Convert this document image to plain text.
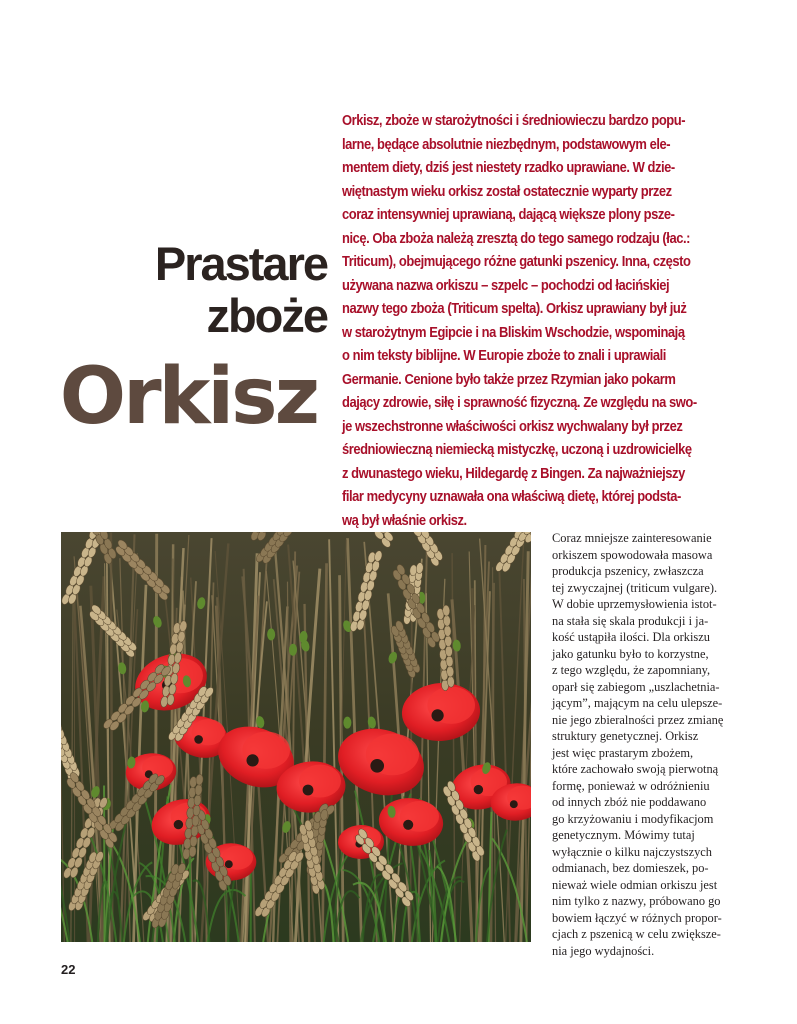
Prastare
zboże
Orkisz
Orkisz, zboże w starożytności i średniowieczu bardzo popu-
larne, będące absolutnie niezbędnym, podstawowym ele-
mentem diety, dziś jest niestety rzadko uprawiane. W dzie-
więtnastym wieku orkisz został ostatecznie wyparty przez
coraz intensywniej uprawianą, dającą większe plony psze-
nicę. Oba zboża należą zresztą do tego samego rodzaju (łac.:
Triticum), obejmującego różne gatunki pszenicy. Inna, często
używana nazwa orkiszu – szpelc – pochodzi od łacińskiej
nazwy tego zboża (Triticum spelta). Orkisz uprawiany był już
w starożytnym Egipcie i na Bliskim Wschodzie, wspominają
o nim teksty biblijne. W Europie zboże to znali i uprawiali
Germanie. Cenione było także przez Rzymian jako pokarm
dający zdrowie, siłę i sprawność fizyczną. Ze względu na swo-
je wszechstronne właściwości orkisz wychwalany był przez
średniowieczną niemiecką mistyczkę, uczoną i uzdrowicielkę
z dwunastego wieku, Hildegardę z Bingen. Za najważniejszy
filar medycyny uznawała ona właściwą dietę, której podsta-
wą był właśnie orkisz.
Coraz mniejsze zainteresowanie
orkiszem spowodowała masowa
produkcja pszenicy, zwłaszcza
tej zwyczajnej (triticum vulgare).
W dobie uprzemysłowienia istot-
na stała się skala produkcji i ja-
kość ustąpiła ilości. Dla orkiszu
jako gatunku było to korzystne,
z tego względu, że zapomniany,
oparł się zabiegom „uszlachetnia-
jącym”, mającym na celu ulepsze-
nie jego zbieralności przez zmianę
struktury genetycznej. Orkisz
jest więc prastarym zbożem,
które zachowało swoją pierwotną
formę, ponieważ w odróżnieniu
od innych zbóż nie poddawano
go krzyżowaniu i modyfikacjom
genetycznym. Mówimy tutaj
wyłącznie o kilku najczystszych
odmianach, bez domieszek, po-
nieważ wiele odmian orkiszu jest
nim tylko z nazwy, próbowano go
bowiem łączyć w różnych propor-
cjach z pszenicą w celu zwiększe-
nia jego wydajności.
22
